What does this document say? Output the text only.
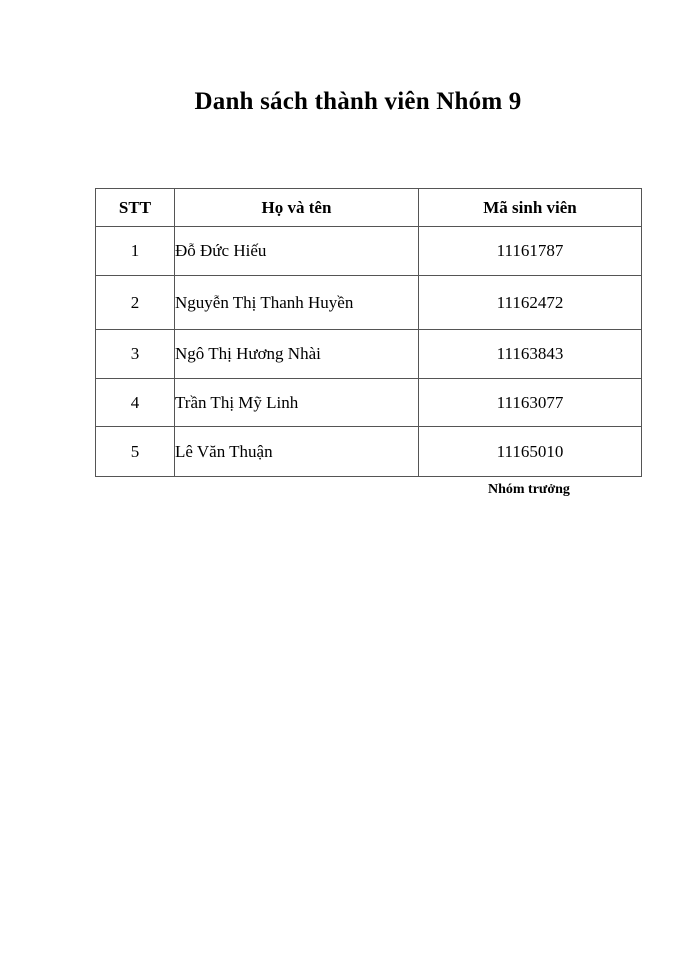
Danh sách thành viên Nhóm 9
STT	Họ và tên	Mã sinh viên
1	Đỗ Đức Hiếu	11161787
2	Nguyễn Thị Thanh Huyền	11162472
3	Ngô Thị Hương Nhài	11163843
4	Trần Thị Mỹ Linh	11163077
5	Lê Văn Thuận	11165010
Nhóm trưởng
